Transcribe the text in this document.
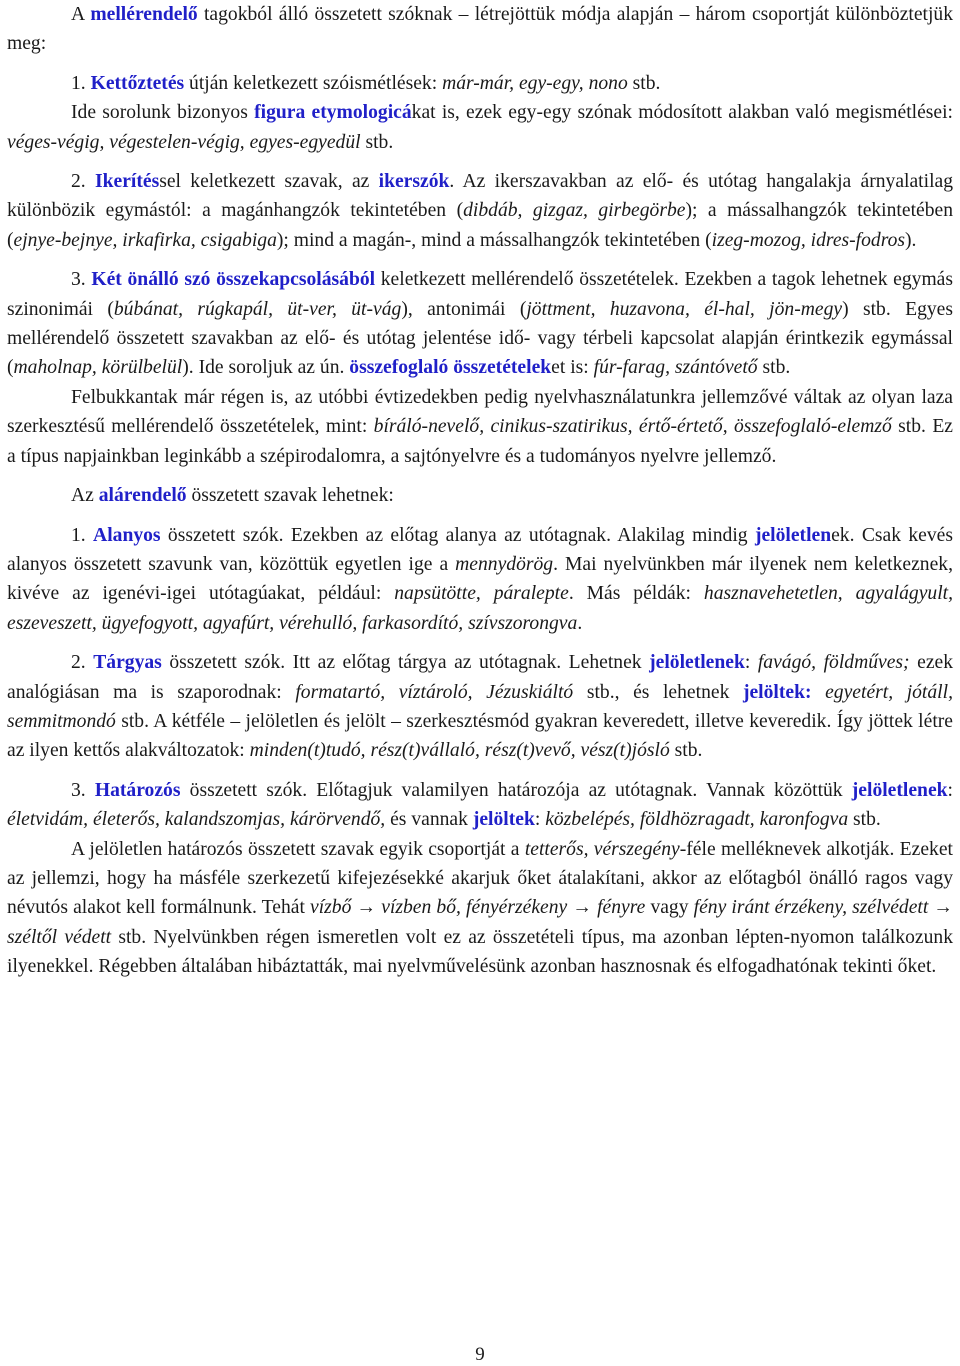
A mellérendelő tagokból álló összetett szóknak – létrejöttük módja alapján – három csoportját különböztetjük meg:

1. Kettőztetés útján keletkezett szóismétlések: már-már, egy-egy, nono stb.

Ide sorolunk bizonyos figura etymologicákat is, ezek egy-egy szónak módosított alakban való megismétlései: véges-végig, végestelen-végig, egyes-egyedül stb.

2. Ikerítéssel keletkezett szavak, az ikerszók. Az ikerszavakban az elő- és utótag hangalakja árnyalatilag különbözik egymástól: a magánhangzók tekintetében (dibdáb, gizgaz, girbegörbe); a mássalhangzók tekintetében (ejnye-bejnye, irkafirka, csigabiga); mind a magán-, mind a mássalhangzók tekintetében (izeg-mozog, idres-fodros).

3. Két önálló szó összekapcsolásából keletkezett mellérendelő összetételek. Ezekben a tagok lehetnek egymás szinonimái (búbánat, rúgkapál, üt-ver, üt-vág), antonimái (jöttment, huzavona, él-hal, jön-megy) stb. Egyes mellérendelő összetett szavakban az elő- és utótag jelentése idő- vagy térbeli kapcsolat alapján érintkezik egymással (maholnap, körülbelül). Ide soroljuk az ún. összefoglaló összetételeket is: fúr-farag, szántóvető stb.

Felbukkantak már régen is, az utóbbi évtizedekben pedig nyelvhasználatunkra jellemzővé váltak az olyan laza szerkesztésű mellérendelő összetételek, mint: bíráló-nevelő, cinikus-szatirikus, értő-értető, összefoglaló-elemző stb. Ez a típus napjainkban leginkább a szépirodalomra, a sajtónyelvre és a tudományos nyelvre jellemző.

Az alárendelő összetett szavak lehetnek:

1. Alanyos összetett szók. Ezekben az előtag alanya az utótagnak. Alakilag mindig jelöletlenek. Csak kevés alanyos összetett szavunk van, közöttük egyetlen ige a mennydörög. Mai nyelvünkben már ilyenek nem keletkeznek, kivéve az igenévi-igei utótagúakat, például: napsütötte, páralepte. Más példák: hasznavehetetlen, agyalágyult, eszeveszett, ügyefogyott, agyafúrt, vérehulló, farkasordító, szívszorongva.

2. Tárgyas összetett szók. Itt az előtag tárgya az utótagnak. Lehetnek jelöletlenek: favágó, földműves; ezek analógiásan ma is szaporodnak: formatartó, víztároló, Jézuskiáltó stb., és lehetnek jelöltek: egyetért, jótáll, semmitmondó stb. A kétféle – jelöletlen és jelölt – szerkesztésmód gyakran keveredett, illetve keveredik. Így jöttek létre az ilyen kettős alakváltozatok: minden(t)tudó, rész(t)vállaló, rész(t)vevő, vész(t)jósló stb.

3. Határozós összetett szók. Előtagjuk valamilyen határozója az utótagnak. Vannak közöttük jelöletlenek: életvidám, életerős, kalandszomjas, kárörvendő, és vannak jelöltek: közbelépés, földhözragadt, karonfogva stb.

A jelöletlen határozós összetett szavak egyik csoportját a tetterős, vérszegény-féle melléknevek alkotják. Ezeket az jellemzi, hogy ha másféle szerkezetű kifejezésekké akarjuk őket átalakítani, akkor az előtagból önálló ragos vagy névutós alakot kell formálnunk. Tehát vízbő → vízben bő, fényérzékeny → fényre vagy fény iránt érzékeny, szélvédett → széltől védett stb. Nyelvünkben régen ismeretlen volt ez az összetételi típus, ma azonban lépten-nyomon találkozunk ilyenekkel. Régebben általában hibáztatták, mai nyelvművelésünk azonban hasznosnak és elfogadhatónak tekinti őket.

9
